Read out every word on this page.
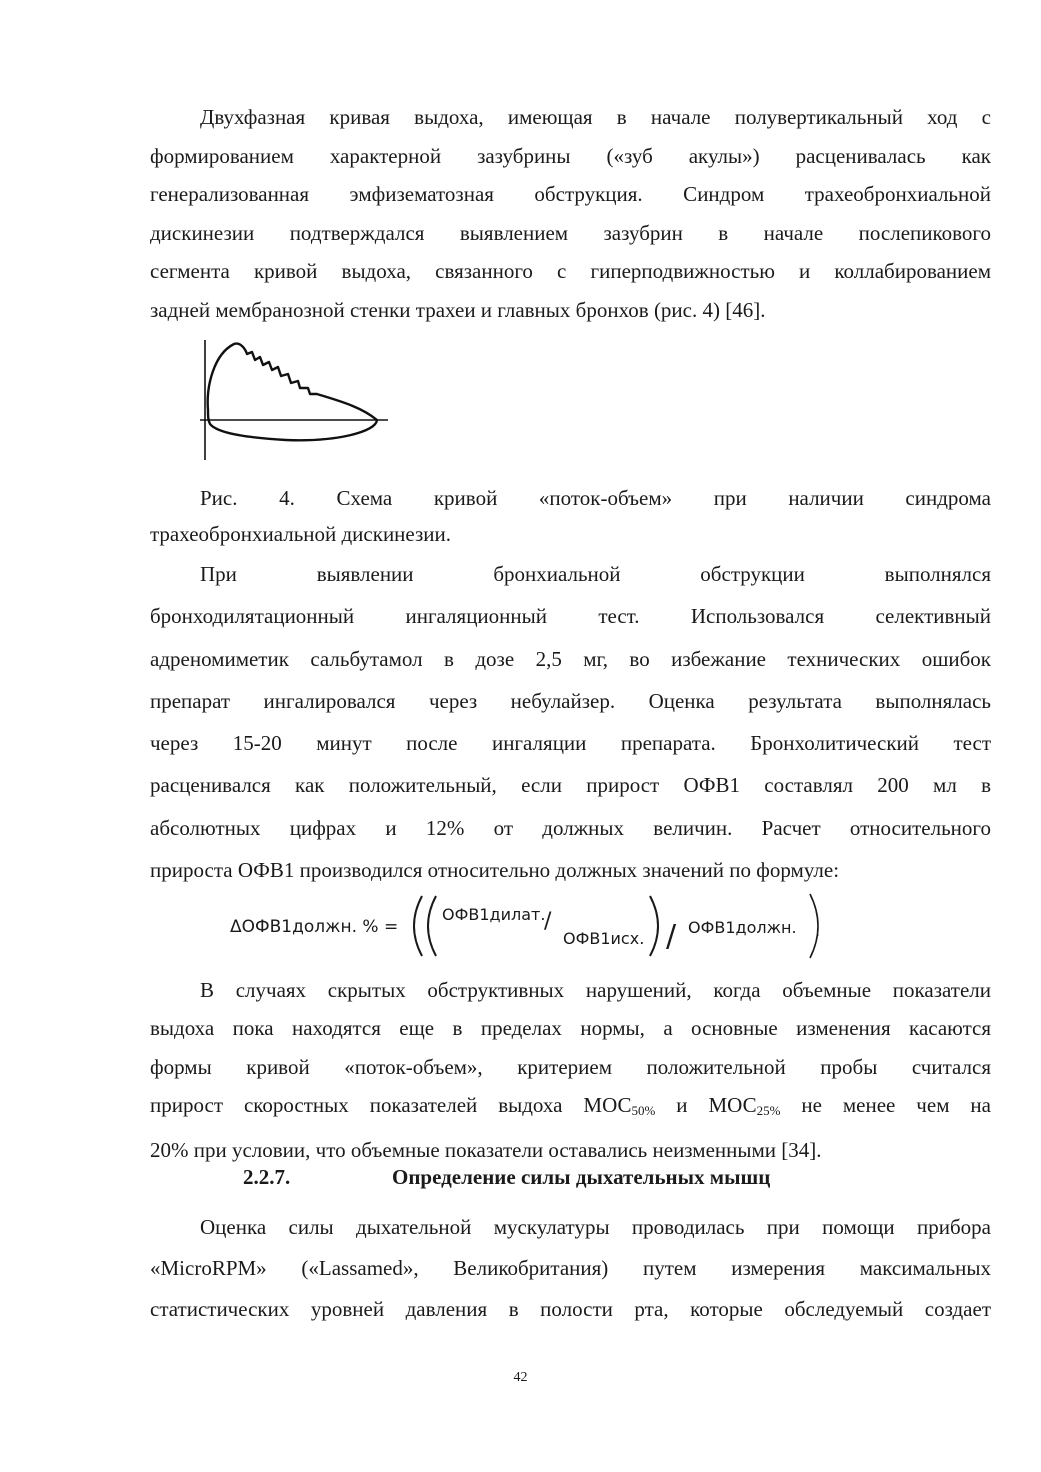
Двухфазная кривая выдоха, имеющая в начале полувертикальный ход с
формированием характерной зазубрины («зуб акулы») расценивалась как
генерализованная эмфизематозная обструкция. Синдром трахеобронхиальной
дискинезии подтверждался выявлением зазубрин в начале послепикового
сегмента кривой выдоха, связанного с гиперподвижностью и коллабированием
задней мембранозной стенки трахеи и главных бронхов (рис. 4) [46].

Рис. 4. Схема кривой «поток-объем» при наличии синдрома
трахеобронхиальной дискинезии.

При выявлении бронхиальной обструкции выполнялся
бронходилятационный ингаляционный тест. Использовался селективный
адреномиметик сальбутамол в дозе 2,5 мг, во избежание технических ошибок
препарат ингалировался через небулайзер. Оценка результата выполнялась
через 15-20 минут после ингаляции препарата. Бронхолитический тест
расценивался как положительный, если прирост ОФВ1 составлял 200 мл в
абсолютных цифрах и 12% от должных величин. Расчет относительного
прироста ОФВ1 производился относительно должных значений по формуле:

ΔОФВ1должн. % =
ОФВ1дилат.
/
ОФВ1исх. / ОФВ1должн. .

В случаях скрытых обструктивных нарушений, когда объемные показатели
выдоха пока находятся еще в пределах нормы, а основные изменения касаются
формы кривой «поток-объем», критерием положительной пробы считался
прирост скоростных показателей выдоха $МОС_{50\%}$ и $МОС_{25\%}$ не менее чем на
20% при условии, что объемные показатели оставались неизменными [34].

2.2.7.	Определение силы дыхательных мышц

Оценка силы дыхательной мускулатуры проводилась при помощи прибора
«MicroRPM» («Lassamed», Великобритания) путем измерения максимальных
статистических уровней давления в полости рта, которые обследуемый создает

42
